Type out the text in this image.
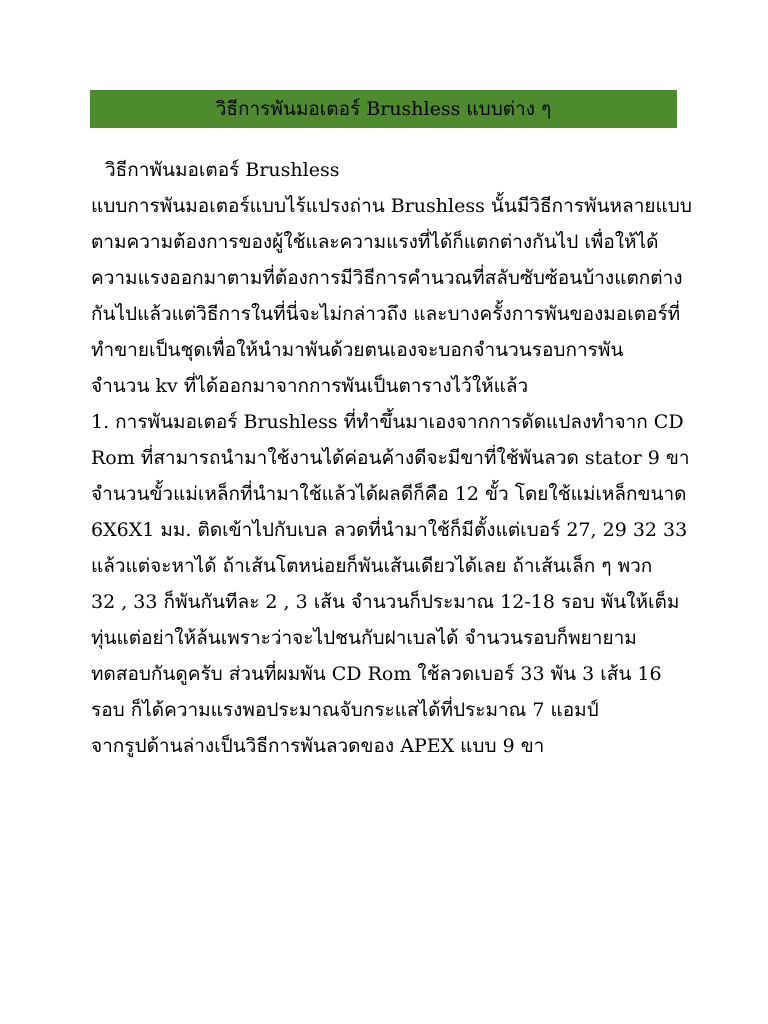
วิธีการพันมอเตอร์ Brushless แบบต่าง ๆ
วิธีกาพันมอเตอร์ Brushless
แบบการพันมอเตอร์แบบไร้แปรงถ่าน Brushless นั้นมีวิธีการพันหลายแบบ
ตามความต้องการของผู้ใช้และความแรงที่ได้ก็แตกต่างกันไป เพื่อให้ได้
ความแรงออกมาตามที่ต้องการมีวิธีการคำนวณที่สลับซับซ้อนบ้างแตกต่าง
กันไปแล้วแต่วิธีการในที่นี่จะไม่กล่าวถึง และบางครั้งการพันของมอเตอร์ที่
ทำขายเป็นชุดเพื่อให้นำมาพันด้วยตนเองจะบอกจำนวนรอบการพัน
จำนวน kv ที่ได้ออกมาจากการพันเป็นตารางไว้ให้แล้ว
1. การพันมอเตอร์ Brushless ที่ทำขึ้นมาเองจากการดัดแปลงทำจาก CD
Rom ที่สามารถนำมาใช้งานได้ค่อนค้างดีจะมีขาที่ใช้พันลวด stator 9 ขา
จำนวนขั้วแม่เหล็กที่นำมาใช้แล้วได้ผลดีก็คือ 12 ขั้ว โดยใช้แม่เหล็กขนาด
6X6X1 มม. ติดเข้าไปกับเบล ลวดที่นำมาใช้ก็มีตั้งแต่เบอร์ 27, 29 32 33
แล้วแต่จะหาได้ ถ้าเส้นโตหน่อยก็พันเส้นเดียวได้เลย ถ้าเส้นเล็ก ๆ พวก
32 , 33 ก็พันกันทีละ 2 , 3 เส้น จำนวนก็ประมาณ 12-18 รอบ พันให้เต็ม
ทุ่นแต่อย่าให้ล้นเพราะว่าจะไปชนกับฝาเบลได้ จำนวนรอบก็พยายาม
ทดสอบกันดูครับ ส่วนที่ผมพัน CD Rom ใช้ลวดเบอร์ 33 พัน 3 เส้น 16
รอบ ก็ได้ความแรงพอประมาณจับกระแสได้ที่ประมาณ 7 แอมป์
จากรูปด้านล่างเป็นวิธีการพันลวดของ APEX แบบ 9 ขา
